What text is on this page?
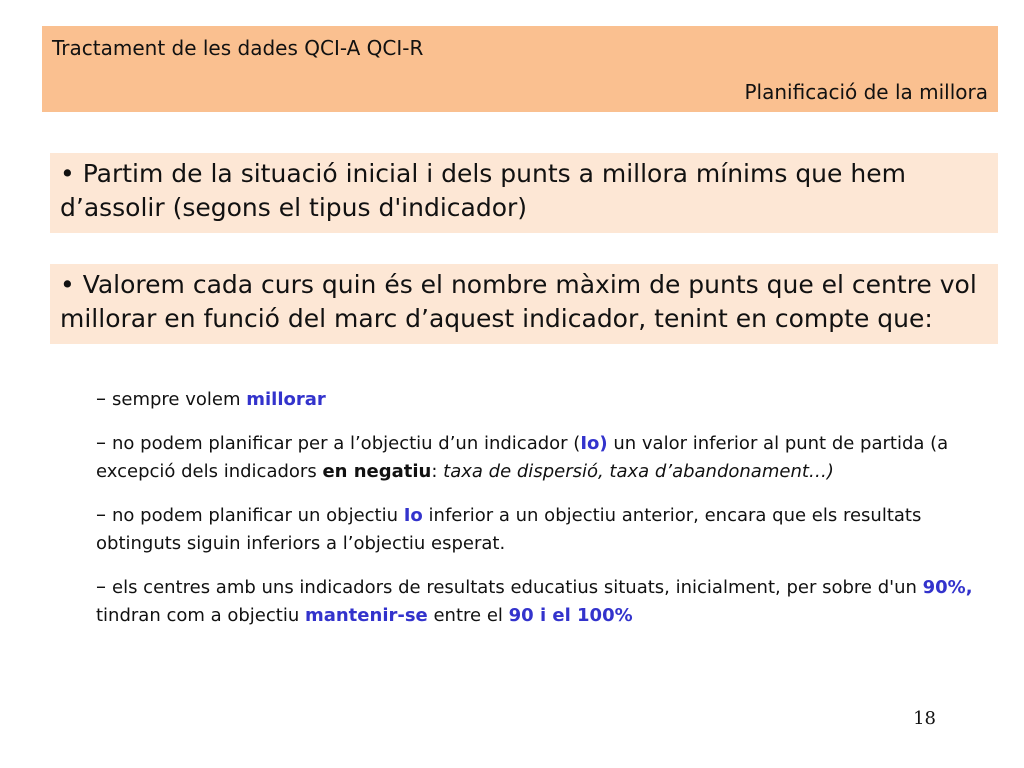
Tractament de les dades QCI-A QCI-R
Planificació de la millora
• Partim de la situació inicial i dels punts a millora mínims que hem d’assolir (segons el tipus d'indicador)
• Valorem cada curs quin és el nombre màxim de punts que el centre vol millorar en funció del marc d’aquest indicador, tenint en compte que:
– sempre volem millorar
– no podem planificar per a l’objectiu d’un indicador (Io) un valor inferior al punt de partida (a excepció dels indicadors en negatiu: taxa de dispersió, taxa d’abandonament…)
– no podem planificar un objectiu Io inferior a un objectiu anterior, encara que els resultats obtinguts siguin inferiors a l’objectiu esperat.
– els centres amb uns indicadors de resultats educatius situats, inicialment, per sobre d'un 90%, tindran com a objectiu mantenir-se entre el 90 i el 100%
18
